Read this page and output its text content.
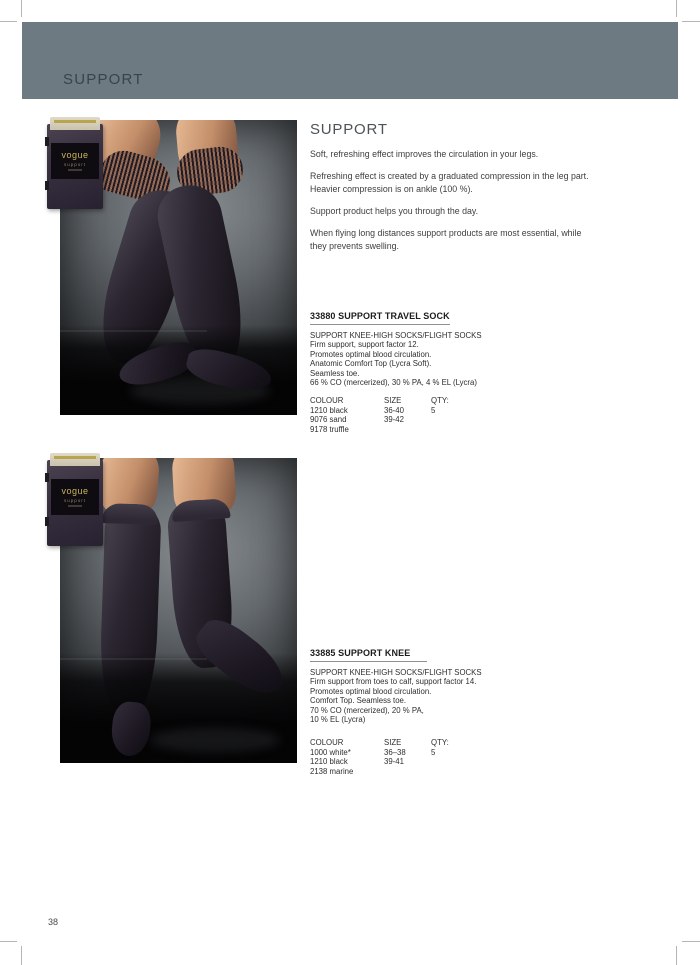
SUPPORT
vogue
support
SUPPORT

Soft, refreshing effect improves the circulation in your legs.

Refreshing effect is created by a graduated compression in the leg part. Heavier compression is on ankle (100 %).

Support product helps you through the day.

When flying long distances support products are most essential, while they prevents swelling.

33880 SUPPORT TRAVEL SOCK
SUPPORT KNEE-HIGH SOCKS/FLIGHT SOCKS
Firm support, support factor 12.
Promotes optimal blood circulation.
Anatomic Comfort Top (Lycra Soft).
Seamless toe.
66 % CO (mercerized), 30 % PA, 4 % EL (Lycra)
COLOUR	SIZE	QTY:
1210 black	36-40	5
9076 sand	39-42
9178 truffle
vogue
support
33885 SUPPORT KNEE
SUPPORT KNEE-HIGH SOCKS/FLIGHT SOCKS
Firm support from toes to calf, support factor 14.
Promotes optimal blood circulation.
Comfort Top. Seamless toe.
70 % CO (mercerized), 20 % PA,
10 % EL (Lycra)
COLOUR	SIZE	QTY:
1000 white*	36–38	5
1210 black	39-41
2138 marine
38
